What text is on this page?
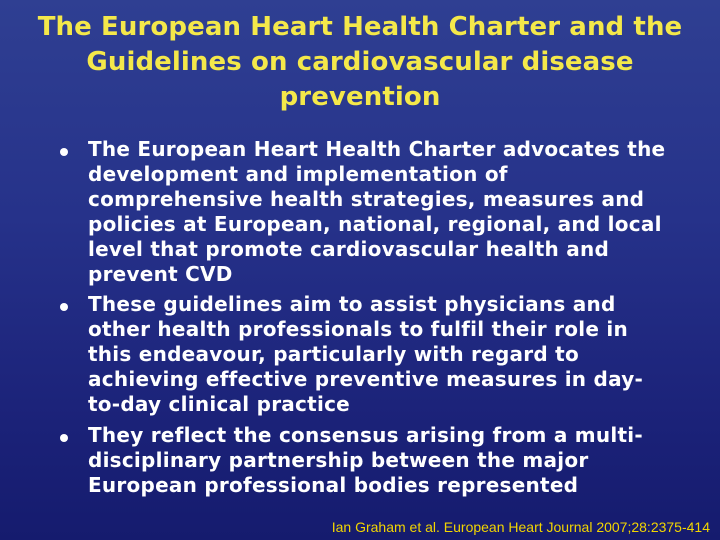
The European Heart Health Charter and the
Guidelines on cardiovascular disease
prevention
The European Heart Health Charter advocates the
development and implementation of
comprehensive health strategies, measures and
policies at European, national, regional, and local
level that promote cardiovascular health and
prevent CVD
These guidelines aim to assist physicians and
other health professionals to fulfil their role in
this endeavour, particularly with regard to
achieving effective preventive measures in day-
to-day clinical practice
They reflect the consensus arising from a multi-
disciplinary partnership between the major
European professional bodies represented
Ian Graham et al. European Heart Journal 2007;28:2375-414
